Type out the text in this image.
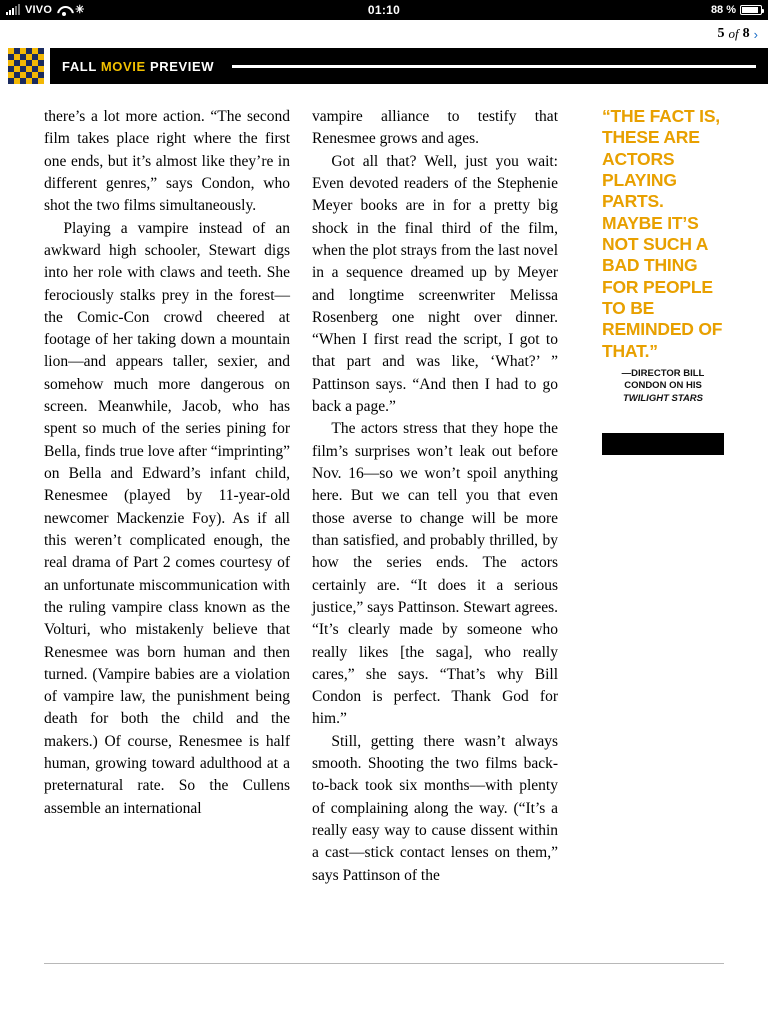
VIVO ✳	01:10	88 %
5 of 8 ›
FALL MOVIE PREVIEW

there’s a lot more action. “The second film takes place right where the first one ends, but it’s almost like they’re in different genres,” says Condon, who shot the two films simultaneously.

Playing a vampire instead of an awkward high schooler, Stewart digs into her role with claws and teeth. She ferociously stalks prey in the forest—the Comic-Con crowd cheered at footage of her taking down a mountain lion—and appears taller, sexier, and somehow much more dangerous on screen. Meanwhile, Jacob, who has spent so much of the series pining for Bella, finds true love after “imprinting” on Bella and Edward’s infant child, Renesmee (played by 11-year-old newcomer Mackenzie Foy). As if all this weren’t complicated enough, the real drama of Part 2 comes courtesy of an unfortunate miscommunication with the ruling vampire class known as the Volturi, who mistakenly believe that Renesmee was born human and then turned. (Vampire babies are a violation of vampire law, the punishment being death for both the child and the makers.) Of course, Renesmee is half human, growing toward adulthood at a preternatural rate. So the Cullens assemble an international

vampire alliance to testify that Renesmee grows and ages.

Got all that? Well, just you wait: Even devoted readers of the Stephenie Meyer books are in for a pretty big shock in the final third of the film, when the plot strays from the last novel in a sequence dreamed up by Meyer and longtime screenwriter Melissa Rosenberg one night over dinner. “When I first read the script, I got to that part and was like, ‘What?’ ” Pattinson says. “And then I had to go back a page.”

The actors stress that they hope the film’s surprises won’t leak out before Nov. 16—so we won’t spoil anything here. But we can tell you that even those averse to change will be more than satisfied, and probably thrilled, by how the series ends. The actors certainly are. “It does it a serious justice,” says Pattinson. Stewart agrees. “It’s clearly made by someone who really likes [the saga], who really cares,” she says. “That’s why Bill Condon is perfect. Thank God for him.”

Still, getting there wasn’t always smooth. Shooting the two films back-to-back took six months—with plenty of complaining along the way. (“It’s a really easy way to cause dissent within a cast—stick contact lenses on them,” says Pattinson of the

“THE FACT IS, THESE ARE ACTORS PLAYING PARTS. MAYBE IT’S NOT SUCH A BAD THING FOR PEOPLE TO BE REMINDED OF THAT.”
—DIRECTOR BILL
CONDON ON HIS
TWILIGHT STARS
